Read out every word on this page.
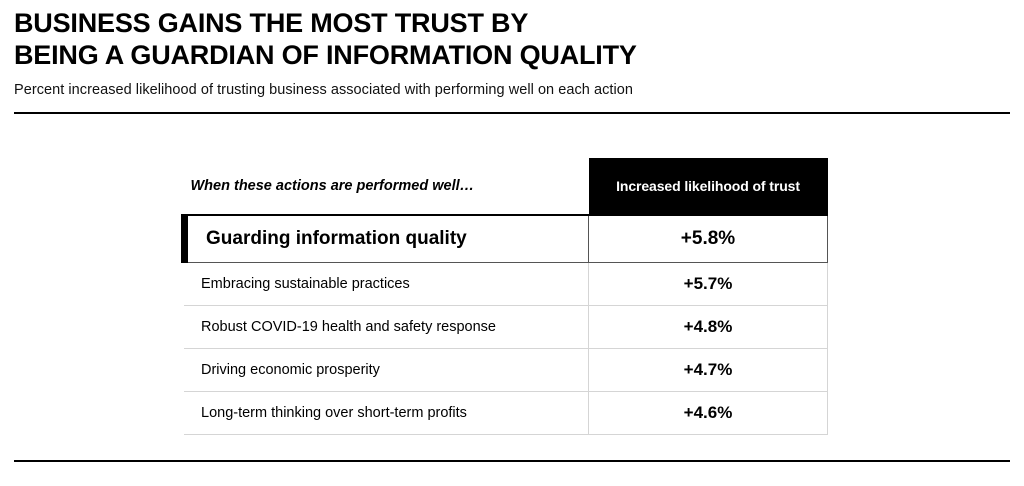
BUSINESS GAINS THE MOST TRUST BY
BEING A GUARDIAN OF INFORMATION QUALITY
Percent increased likelihood of trusting business associated with performing well on each action
When these actions are performed well…	Increased likelihood of trust
Guarding information quality	+5.8%
Embracing sustainable practices	+5.7%
Robust COVID-19 health and safety response	+4.8%
Driving economic prosperity	+4.7%
Long-term thinking over short-term profits	+4.6%
